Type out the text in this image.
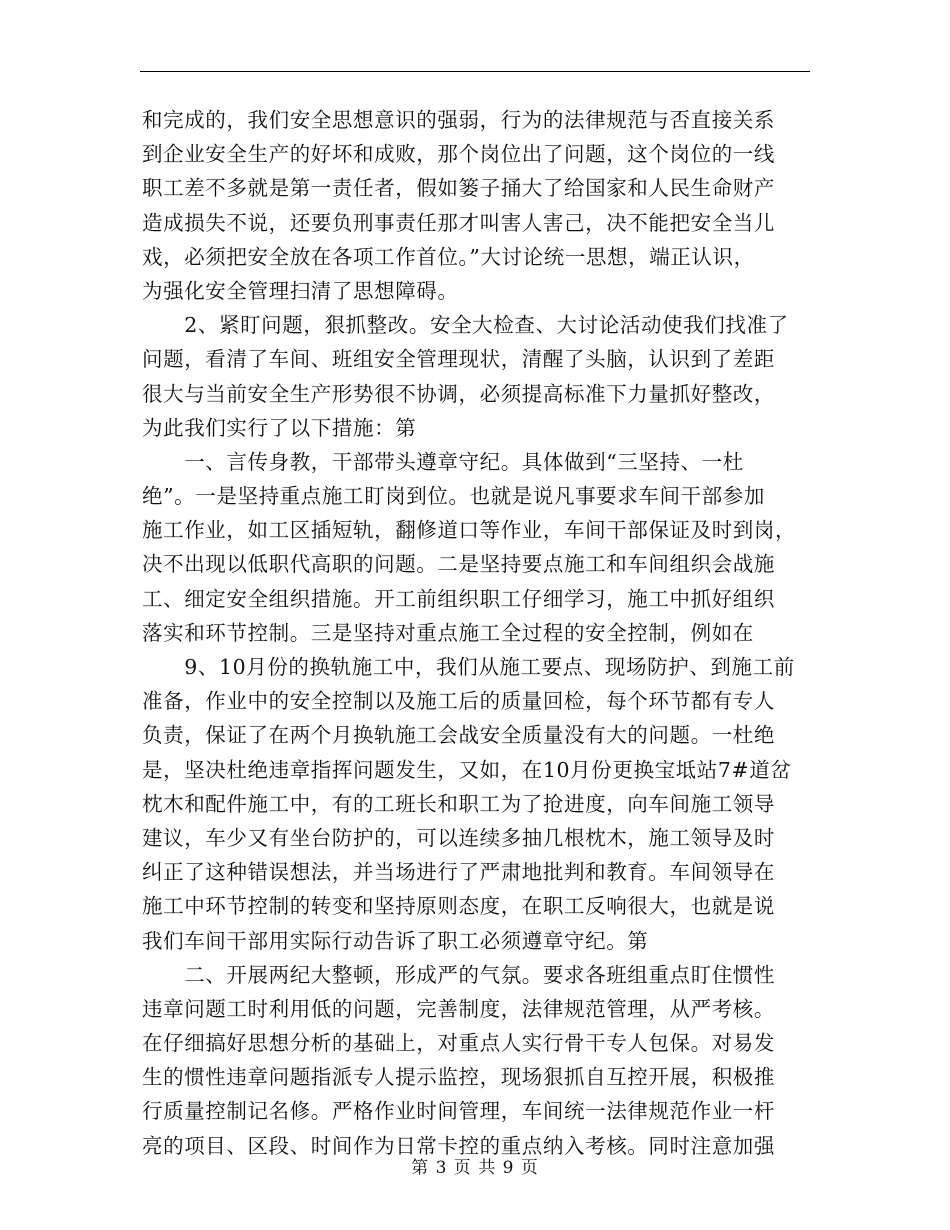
和完成的，我们安全思想意识的强弱，行为的法律规范与否直接关系
到企业安全生产的好坏和成败，那个岗位出了问题，这个岗位的一线
职工差不多就是第一责任者，假如篓子捅大了给国家和人民生命财产
造成损失不说，还要负刑事责任那才叫害人害己，决不能把安全当儿
戏，必须把安全放在各项工作首位。”大讨论统一思想，端正认识，
为强化安全管理扫清了思想障碍。
　　2、紧盯问题，狠抓整改。安全大检查、大讨论活动使我们找准了
问题，看清了车间、班组安全管理现状，清醒了头脑，认识到了差距
很大与当前安全生产形势很不协调，必须提高标准下力量抓好整改，
为此我们实行了以下措施：第
　　一、言传身教，干部带头遵章守纪。具体做到“三坚持、一杜
绝”。一是坚持重点施工盯岗到位。也就是说凡事要求车间干部参加
施工作业，如工区插短轨，翻修道口等作业，车间干部保证及时到岗，
决不出现以低职代高职的问题。二是坚持要点施工和车间组织会战施
工、细定安全组织措施。开工前组织职工仔细学习，施工中抓好组织
落实和环节控制。三是坚持对重点施工全过程的安全控制，例如在
　　9、10月份的换轨施工中，我们从施工要点、现场防护、到施工前
准备，作业中的安全控制以及施工后的质量回检，每个环节都有专人
负责，保证了在两个月换轨施工会战安全质量没有大的问题。一杜绝
是，坚决杜绝违章指挥问题发生，又如，在10月份更换宝坻站7#道岔
枕木和配件施工中，有的工班长和职工为了抢进度，向车间施工领导
建议，车少又有坐台防护的，可以连续多抽几根枕木，施工领导及时
纠正了这种错误想法，并当场进行了严肃地批判和教育。车间领导在
施工中环节控制的转变和坚持原则态度，在职工反响很大，也就是说
我们车间干部用实际行动告诉了职工必须遵章守纪。第
　　二、开展两纪大整顿，形成严的气氛。要求各班组重点盯住惯性
违章问题工时利用低的问题，完善制度，法律规范管理，从严考核。
在仔细搞好思想分析的基础上，对重点人实行骨干专人包保。对易发
生的惯性违章问题指派专人提示监控，现场狠抓自互控开展，积极推
行质量控制记名修。严格作业时间管理，车间统一法律规范作业一杆
亮的项目、区段、时间作为日常卡控的重点纳入考核。同时注意加强
第 3 页 共 9 页
